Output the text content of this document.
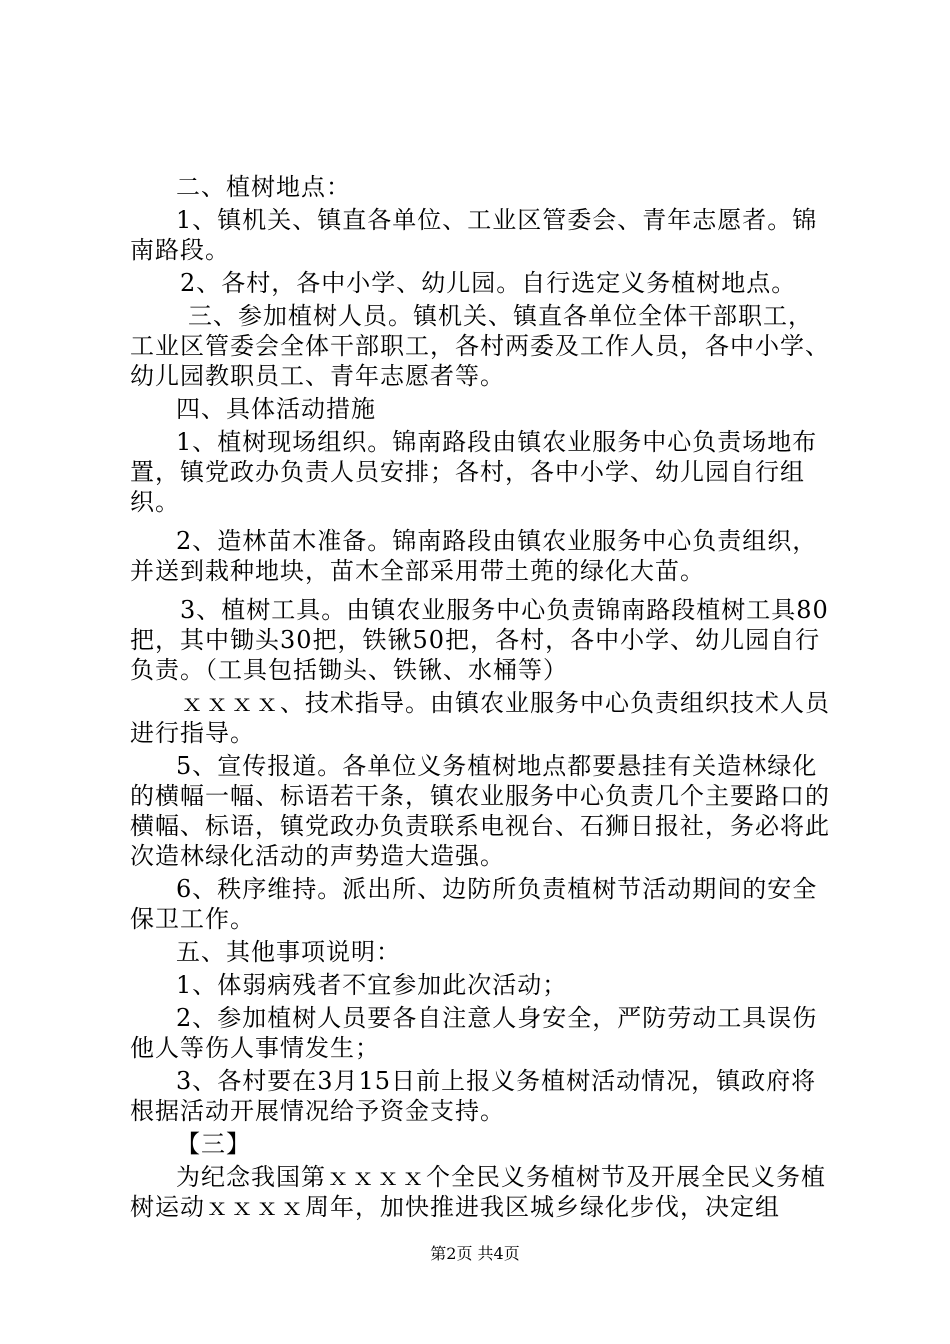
二、植树地点：

1、镇机关、镇直各单位、工业区管委会、青年志愿者。锦南路段。

2、各村，各中小学、幼儿园。自行选定义务植树地点。

三、参加植树人员。镇机关、镇直各单位全体干部职工，工业区管委会全体干部职工，各村两委及工作人员，各中小学、幼儿园教职员工、青年志愿者等。

四、具体活动措施

1、植树现场组织。锦南路段由镇农业服务中心负责场地布置，镇党政办负责人员安排；各村，各中小学、幼儿园自行组织。

2、造林苗木准备。锦南路段由镇农业服务中心负责组织，并送到栽种地块，苗木全部采用带土蔸的绿化大苗。

3、植树工具。由镇农业服务中心负责锦南路段植树工具80把，其中锄头30把，铁锹50把，各村，各中小学、幼儿园自行负责。（工具包括锄头、铁锹、水桶等）

ｘｘｘｘ、技术指导。由镇农业服务中心负责组织技术人员进行指导。

5、宣传报道。各单位义务植树地点都要悬挂有关造林绿化的横幅一幅、标语若干条，镇农业服务中心负责几个主要路口的横幅、标语，镇党政办负责联系电视台、石狮日报社，务必将此次造林绿化活动的声势造大造强。

6、秩序维持。派出所、边防所负责植树节活动期间的安全保卫工作。

五、其他事项说明：

1、体弱病残者不宜参加此次活动；

2、参加植树人员要各自注意人身安全，严防劳动工具误伤他人等伤人事情发生；

3、各村要在3月15日前上报义务植树活动情况，镇政府将根据活动开展情况给予资金支持。

【三】

为纪念我国第ｘｘｘｘ个全民义务植树节及开展全民义务植树运动ｘｘｘｘ周年，加快推进我区城乡绿化步伐，决定组

第2页 共4页
